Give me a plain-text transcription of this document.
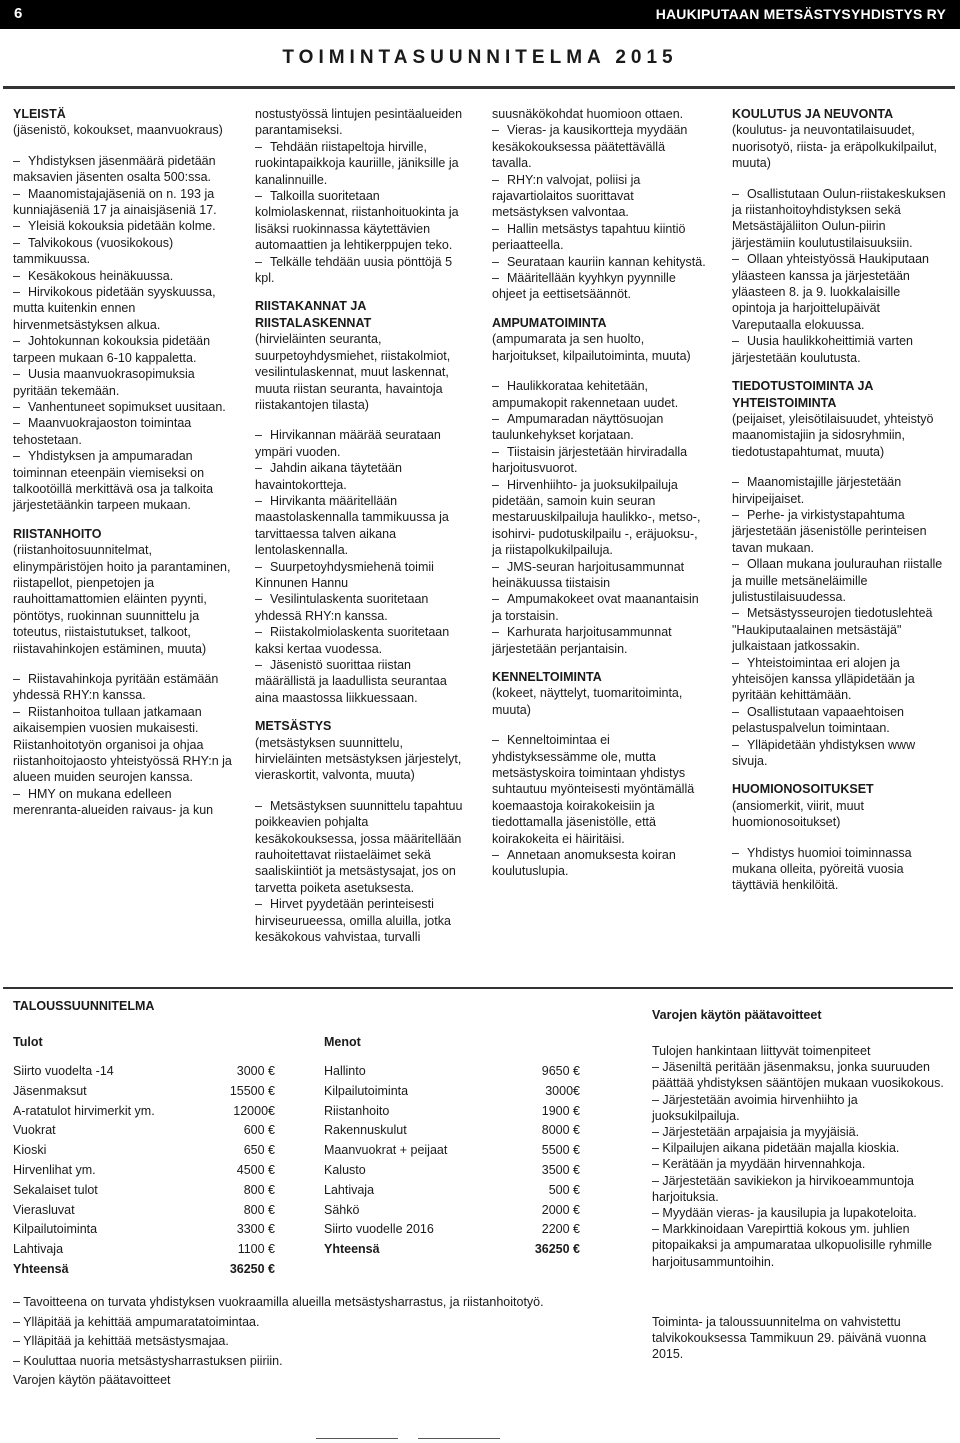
6	HAUKIPUTAAN METSÄSTYSYHDISTYS RY
TOIMINTASUUNNITELMA 2015

YLEISTÄ

(jäsenistö, kokoukset, maanvuokraus)

– Yhdistyksen jäsenmäärä pidetään maksavien jäsenten osalta 500:ssa.
– Maanomistajajäseniä on n. 193 ja kunniajäseniä 17 ja ainaisjäseniä 17.
– Yleisiä kokouksia pidetään kolme.
– Talvikokous (vuosikokous) tammikuussa.
– Kesäkokous heinäkuussa.
– Hirvikokous pidetään syyskuussa, mutta kuitenkin ennen hirvenmetsästyksen alkua.
– Johtokunnan kokouksia pidetään tarpeen mukaan 6-10 kappaletta.
– Uusia maanvuokrasopimuksia pyritään tekemään.
– Vanhentuneet sopimukset uusitaan.
– Maanvuokrajaoston toimintaa tehostetaan.
– Yhdistyksen ja ampumaradan toiminnan eteenpäin viemiseksi on talkootöillä merkittävä osa ja talkoita järjestetäänkin tarpeen mukaan.

RIISTANHOITO

(riistanhoitosuunnitelmat, elinympäristöjen hoito ja parantaminen, riistapellot, pienpetojen ja rauhoittamattomien eläinten pyynti, pöntötys, ruokinnan suunnittelu ja toteutus, riistaistutukset, talkoot, riistavahinkojen estäminen, muuta)

– Riistavahinkoja pyritään estämään yhdessä RHY:n kanssa.
– Riistanhoitoa tullaan jatkamaan aikaisempien vuosien mukaisesti. Riistanhoitotyön organisoi ja ohjaa riistanhoitojaosto yhteistyössä RHY:n ja alueen muiden seurojen kanssa.
– HMY on mukana edelleen merenranta-alueiden raivaus- ja kun
nostustyössä lintujen pesintäalueiden parantamiseksi.
– Tehdään riistapeltoja hirville, ruokintapaikkoja kauriille, jäniksille ja kanalinnuille.
– Talkoilla suoritetaan kolmiolaskennat, riistanhoituokinta ja lisäksi ruokinnassa käytettävien automaattien ja lehtikerppujen teko.
– Telkälle tehdään uusia pönttöjä 5 kpl.

RIISTAKANNAT JA RIISTALASKENNAT

(hirvieläinten seuranta, suurpetoyhdysmiehet, riistakolmiot, vesilintulaskennat, muut laskennat, muuta riistan seuranta, havaintoja riistakantojen tilasta)

– Hirvikannan määrää seurataan ympäri vuoden.
– Jahdin aikana täytetään havaintokortteja.
– Hirvikanta määritellään maastolaskennalla tammikuussa ja tarvittaessa talven aikana lentolaskennalla.
– Suurpetoyhdysmiehenä toimii Kinnunen Hannu
– Vesilintulaskenta suoritetaan yhdessä RHY:n kanssa.
– Riistakolmiolaskenta suoritetaan kaksi kertaa vuodessa.
– Jäsenistö suorittaa riistan määrällistä ja laadullista seurantaa aina maastossa liikkuessaan.

METSÄSTYS

(metsästyksen suunnittelu, hirvieläinten metsästyksen järjestelyt, vieraskortit, valvonta, muuta)

– Metsästyksen suunnittelu tapahtuu poikkeavien pohjalta kesäkokouksessa, jossa määritellään rauhoitettavat riistaeläimet sekä saaliskiintiöt ja metsästysajat, jos on tarvetta poiketa asetuksesta.
– Hirvet pyydetään perinteisesti hirviseurueessa, omilla aluilla, jotka kesäkokous vahvistaa, turvalli
suusnäkökohdat huomioon ottaen.
– Vieras- ja kausikortteja myydään kesäkokouksessa päätettävällä tavalla.
– RHY:n valvojat, poliisi ja rajavartiolaitos suorittavat metsästyksen valvontaa.
– Hallin metsästys tapahtuu kiintiö periaatteella.
– Seurataan kauriin kannan kehitystä.
– Määritellään kyyhkyn pyynnille ohjeet ja eettisetsäännöt.

AMPUMATOIMINTA

(ampumarata ja sen huolto, harjoitukset, kilpailutoiminta, muuta)

– Haulikkorataa kehitetään, ampumakopit rakennetaan uudet.
– Ampumaradan näyttösuojan taulunkehykset korjataan.
– Tiistaisin järjestetään hirviradalla harjoitusvuorot.
– Hirvenhiihto- ja juoksukilpailuja pidetään, samoin kuin seuran mestaruuskilpailuja haulikko-, metso-, isohirvi- pudotuskilpailu -, eräjuoksu-, ja riistapolkukilpailuja.
– JMS-seuran harjoitusammunnat heinäkuussa tiistaisin
– Ampumakokeet ovat maanantaisin ja torstaisin.
– Karhurata harjoitusammunnat järjestetään perjantaisin.

KENNELTOIMINTA

(kokeet, näyttelyt, tuomaritoiminta, muuta)

– Kenneltoimintaa ei yhdistyksessämme ole, mutta metsästyskoira toimintaan yhdistys suhtautuu myönteisesti myöntämällä koemaastoja koirakokeisiin ja tiedottamalla jäsenistölle, että koirakokeita ei häiritäisi.
– Annetaan anomuksesta koiran koulutuslupia.

KOULUTUS JA NEUVONTA

(koulutus- ja neuvontatilaisuudet, nuorisotyö, riista- ja eräpolkukilpailut, muuta)

– Osallistutaan Oulun-riistakeskuksen ja riistanhoitoyhdistyksen sekä Metsästäjäliiton Oulun-piirin järjestämiin koulutustilaisuuksiin.
– Ollaan yhteistyössä Haukiputaan yläasteen kanssa ja järjestetään yläasteen 8. ja 9. luokkalaisille opintoja ja harjoittelupäivät Vareputaalla elokuussa.
– Uusia haulikkoheittimiä varten järjestetään koulutusta.

TIEDOTUSTOIMINTA JA YHTEISTOIMINTA

(peijaiset, yleisötilaisuudet, yhteistyö maanomistajiin ja sidosryhmiin, tiedotustapahtumat, muuta)

– Maanomistajille järjestetään hirvipeijaiset.
– Perhe- ja virkistystapahtuma järjestetään jäsenistölle perinteisen tavan mukaan.
– Ollaan mukana joulurauhan riistalle ja muille metsäneläimille julistustilaisuudessa.
– Metsästysseurojen tiedotuslehteä "Haukiputaalainen metsästäjä" julkaistaan jatkossakin.
– Yhteistoimintaa eri alojen ja yhteisöjen kanssa ylläpidetään ja pyritään kehittämään.
– Osallistutaan vapaaehtoisen pelastuspalvelun toimintaan.
– Ylläpidetään yhdistyksen www sivuja.

HUOMIONOSOITUKSET

(ansiomerkit, viirit, muut huomionosoitukset)

– Yhdistys huomioi toiminnassa mukana olleita, pyöreitä vuosia täyttäviä henkilöitä.
TALOUSSUUNNITELMA
Tulot	Menot
Siirto vuodelta -14	3000 €
Jäsenmaksut	15500 €
A-ratatulot hirvimerkit ym.	12000€
Vuokrat	600 €
Kioski	650 €
Hirvenlihat ym.	4500 €
Sekalaiset tulot	800 €
Vierasluvat	800 €
Kilpailutoiminta	3300 €
Lahtivaja	1100 €
Yhteensä	36250 €
Hallinto	9650 €
Kilpailutoiminta	3000€
Riistanhoito	1900 €
Rakennuskulut	8000 €
Maanvuokrat + peijaat	5500 €
Kalusto	3500 €
Lahtivaja	500 €
Sähkö	2000 €
Siirto vuodelle 2016	2200 €
Yhteensä	36250 €

– Tavoitteena on turvata yhdistyksen vuokraamilla alueilla metsästysharrastus, ja riistanhoitotyö.

– Ylläpitää ja kehittää ampumaratatoimintaa.

– Ylläpitää ja kehittää metsästysmajaa.

– Kouluttaa nuoria metsästysharrastuksen piiriin.

Varojen käytön päätavoitteet

Varojen käytön päätavoitteet

Tulojen hankintaan liittyvät toimenpiteet

– Jäseniltä peritään jäsenmaksu, jonka suuruuden päättää yhdistyksen sääntöjen mukaan vuosikokous.

– Järjestetään avoimia hirvenhiihto ja juoksukilpailuja.

– Järjestetään arpajaisia ja myyjäisiä.

– Kilpailujen aikana pidetään majalla kioskia.

– Kerätään ja myydään hirvennahkoja.

– Järjestetään savikiekon ja hirvikoeammuntoja harjoituksia.

– Myydään vieras- ja kausilupia ja lupakoteloita.

– Markkinoidaan Varepirttiä kokous ym. juhlien pitopaikaksi ja ampumarataa ulkopuolisille ryhmille harjoitusammuntoihin.

Toiminta- ja taloussuunnitelma on vahvistettu talvikokouksessa Tammikuun 29. päivänä vuonna 2015.
